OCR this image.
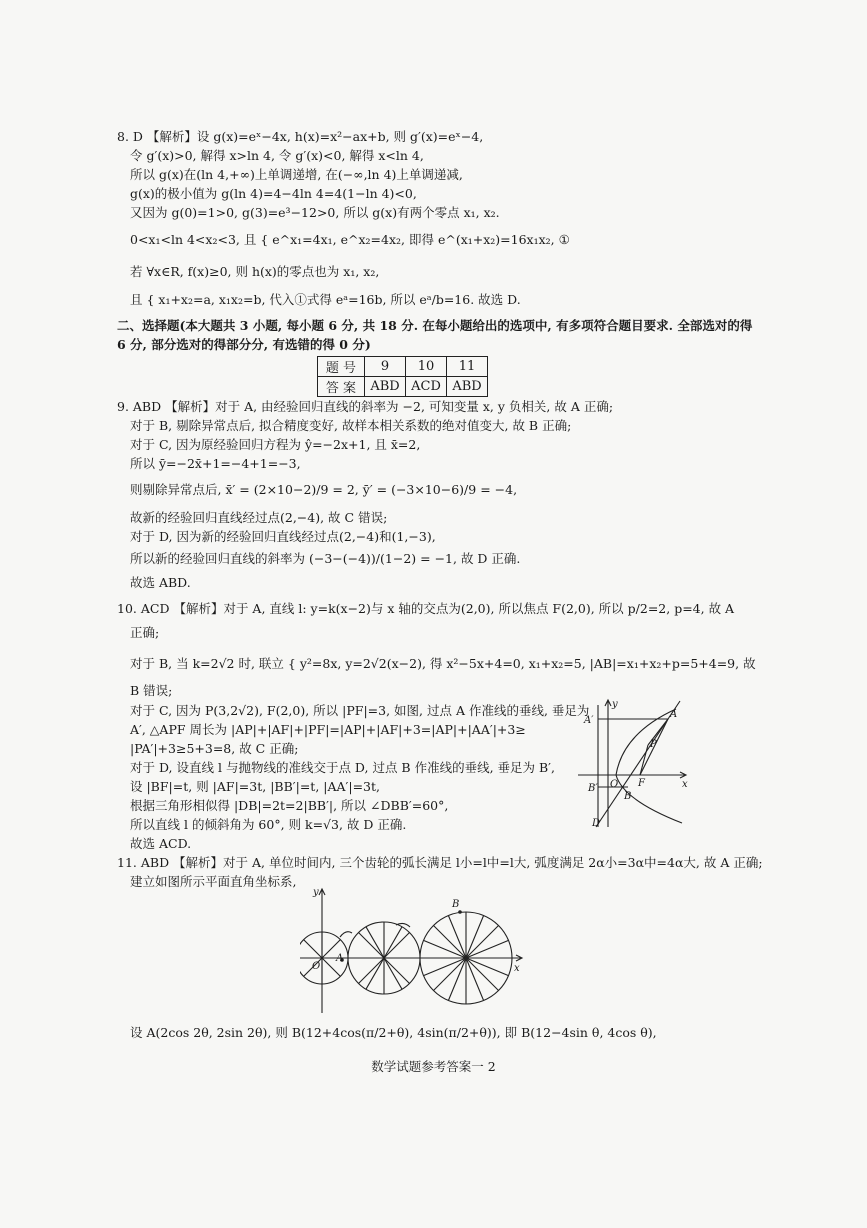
8. D 【解析】设 g(x)=eˣ−4x, h(x)=x²−ax+b, 则 g′(x)=eˣ−4,
令 g′(x)>0, 解得 x>ln 4, 令 g′(x)<0, 解得 x<ln 4,
所以 g(x)在(ln 4,+∞)上单调递增, 在(−∞,ln 4)上单调递减,
g(x)的极小值为 g(ln 4)=4−4ln 4=4(1−ln 4)<0,
又因为 g(0)=1>0, g(3)=e³−12>0, 所以 g(x)有两个零点 x₁, x₂.
0<x₁<ln 4<x₂<3, 且 { e^x₁=4x₁, e^x₂=4x₂, 即得 e^(x₁+x₂)=16x₁x₂, ①
若 ∀x∈R, f(x)≥0, 则 h(x)的零点也为 x₁, x₂,
且 { x₁+x₂=a, x₁x₂=b, 代入①式得 eᵃ=16b, 所以 eᵃ/b=16. 故选 D.
二、选择题(本大题共 3 小题, 每小题 6 分, 共 18 分. 在每小题给出的选项中, 有多项符合题目要求. 全部选对的得
6 分, 部分选对的得部分分, 有选错的得 0 分)
题 号	9	10	11
答 案	ABD	ACD	ABD
9. ABD 【解析】对于 A, 由经验回归直线的斜率为 −2, 可知变量 x, y 负相关, 故 A 正确;
对于 B, 剔除异常点后, 拟合精度变好, 故样本相关系数的绝对值变大, 故 B 正确;
对于 C, 因为原经验回归方程为 ŷ=−2x+1, 且 x̄=2,
所以 ȳ=−2x̄+1=−4+1=−3,
则剔除异常点后, x̄′ = (2×10−2)/9 = 2, ȳ′ = (−3×10−6)/9 = −4,
故新的经验回归直线经过点(2,−4), 故 C 错误;
对于 D, 因为新的经验回归直线经过点(2,−4)和(1,−3),
所以新的经验回归直线的斜率为 (−3−(−4))/(1−2) = −1, 故 D 正确.
故选 ABD.
10. ACD 【解析】对于 A, 直线 l: y=k(x−2)与 x 轴的交点为(2,0), 所以焦点 F(2,0), 所以 p/2=2, p=4, 故 A
正确;
对于 B, 当 k=2√2 时, 联立 { y²=8x, y=2√2(x−2), 得 x²−5x+4=0, x₁+x₂=5, |AB|=x₁+x₂+p=5+4=9, 故
B 错误;
对于 C, 因为 P(3,2√2), F(2,0), 所以 |PF|=3, 如图, 过点 A 作准线的垂线, 垂足为
A′, △APF 周长为 |AP|+|AF|+|PF|=|AP|+|AF|+3=|AP|+|AA′|+3≥
|PA′|+3≥5+3=8, 故 C 正确;
对于 D, 设直线 l 与抛物线的准线交于点 D, 过点 B 作准线的垂线, 垂足为 B′,
设 |BF|=t, 则 |AF|=3t, |BB′|=t, |AA′|=3t,
根据三角形相似得 |DB|=2t=2|BB′|, 所以 ∠DBB′=60°,
所以直线 l 的倾斜角为 60°, 则 k=√3, 故 D 正确.
故选 ACD.
y
x
A′
A
P
O F
B′
B
D
11. ABD 【解析】对于 A, 单位时间内, 三个齿轮的弧长满足 l小=l中=l大, 弧度满足 2α小=3α中=4α大, 故 A 正确;
建立如图所示平面直角坐标系,
y
x
O
A
B
设 A(2cos 2θ, 2sin 2θ), 则 B(12+4cos(π/2+θ), 4sin(π/2+θ)), 即 B(12−4sin θ, 4cos θ),
数学试题参考答案一 2
